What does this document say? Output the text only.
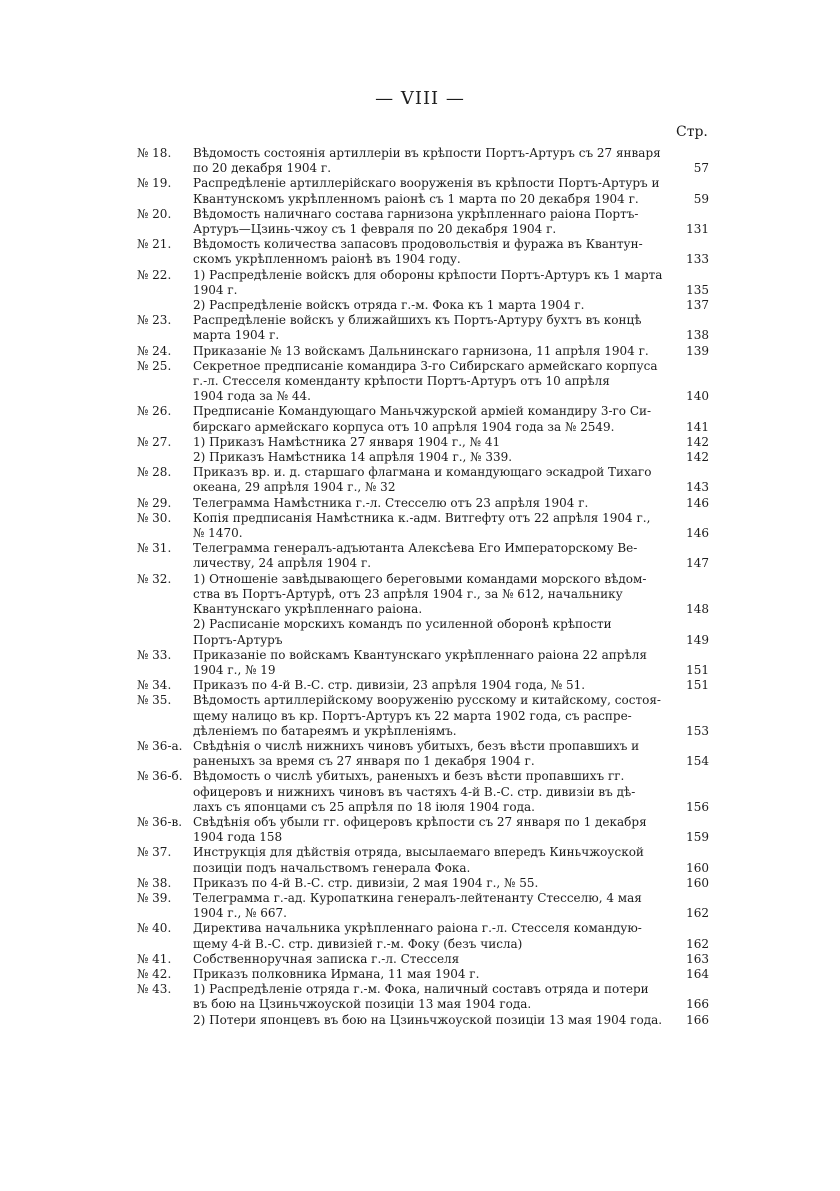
— VIII —
Стр.
№ 18.	Вѣдомость состоянія артиллеріи въ крѣпости Портъ-Артуръ съ 27 января
по 20 декабря 1904 г.	57
№ 19.	Распредѣленіе артиллерійскаго вооруженія въ крѣпости Портъ-Артуръ и
Квантунскомъ укрѣпленномъ раіонѣ съ 1 марта по 20 декабря 1904 г.	59
№ 20.	Вѣдомость наличнаго состава гарнизона укрѣпленнаго раіона Портъ-
Артуръ—Цзинь-чжоу съ 1 февраля по 20 декабря 1904 г.	131
№ 21.	Вѣдомость количества запасовъ продовольствія и фуража въ Квантун-
скомъ укрѣпленномъ раіонѣ въ 1904 году.	133
№ 22.	1) Распредѣленіе войскъ для обороны крѣпости Портъ-Артуръ къ 1 марта
1904 г.	135
2) Распредѣленіе войскъ отряда г.-м. Фока къ 1 марта 1904 г.	137
№ 23.	Распредѣленіе войскъ у ближайшихъ къ Портъ-Артуру бухтъ въ концѣ
марта 1904 г.	138
№ 24.	Приказаніе № 13 войскамъ Дальнинскаго гарнизона, 11 апрѣля 1904 г.	139
№ 25.	Секретное предписаніе командира 3-го Сибирскаго армейскаго корпуса
г.-л. Стесселя коменданту крѣпости Портъ-Артуръ отъ 10 апрѣля
1904 года за № 44.	140
№ 26.	Предписаніе Командующаго Маньчжурской арміей командиру 3-го Си-
бирскаго армейскаго корпуса отъ 10 апрѣля 1904 года за № 2549.	141
№ 27.	1) Приказъ Намѣстника 27 января 1904 г., № 41	142
2) Приказъ Намѣстника 14 апрѣля 1904 г., № 339.	142
№ 28.	Приказъ вр. и. д. старшаго флагмана и командующаго эскадрой Тихаго
океана, 29 апрѣля 1904 г., № 32	143
№ 29.	Телеграмма Намѣстника г.-л. Стесселю отъ 23 апрѣля 1904 г.	146
№ 30.	Копія предписанія Намѣстника к.-адм. Витгефту отъ 22 апрѣля 1904 г.,
№ 1470.	146
№ 31.	Телеграмма генералъ-адъютанта Алексѣева Его Императорскому Ве-
личеству, 24 апрѣля 1904 г.	147
№ 32.	1) Отношеніе завѣдывающего береговыми командами морского вѣдом-
ства въ Портъ-Артурѣ, отъ 23 апрѣля 1904 г., за № 612, начальнику
Квантунскаго укрѣпленнаго раіона.	148
2) Расписаніе морскихъ командъ по усиленной оборонѣ крѣпости
Портъ-Артуръ	149
№ 33.	Приказаніе по войскамъ Квантунскаго укрѣпленнаго раіона 22 апрѣля
1904 г., № 19	151
№ 34.	Приказъ по 4-й В.-С. стр. дивизіи, 23 апрѣля 1904 года, № 51.	151
№ 35.	Вѣдомость артиллерійскому вооруженію русскому и китайскому, состоя-
щему налицо въ кр. Портъ-Артуръ къ 22 марта 1902 года, съ распре-
дѣленіемъ по батареямъ и укрѣпленіямъ.	153
№ 36-а. Свѣдѣнія о числѣ нижнихъ чиновъ убитыхъ, безъ вѣсти пропавшихъ и
раненыхъ за время съ 27 января по 1 декабря 1904 г.	154
№ 36-б. Вѣдомость о числѣ убитыхъ, раненыхъ и безъ вѣсти пропавшихъ гг.
офицеровъ и нижнихъ чиновъ въ частяхъ 4-й В.-С. стр. дивизіи въ дѣ-
лахъ съ японцами съ 25 апрѣля по 18 іюля 1904 года.	156
№ 36-в. Свѣдѣнія объ убыли гг. офицеровъ крѣпости съ 27 января по 1 декабря
1904 года 158	159
№ 37.	Инструкція для дѣйствія отряда, высылаемаго впередъ Киньчжоуской
позиціи подъ начальствомъ генерала Фока.	160
№ 38.	Приказъ по 4-й В.-С. стр. дивизіи, 2 мая 1904 г., № 55.	160
№ 39.	Телеграмма г.-ад. Куропаткина генералъ-лейтенанту Стесселю, 4 мая
1904 г., № 667.	162
№ 40.	Директива начальника укрѣпленнаго раіона г.-л. Стесселя командую-
щему 4-й В.-С. стр. дивизіей г.-м. Фоку (безъ числа)	162
№ 41.	Собственноручная записка г.-л. Стесселя	163
№ 42.	Приказъ полковника Ирмана, 11 мая 1904 г.	164
№ 43.	1) Распредѣленіе отряда г.-м. Фока, наличный составъ отряда и потери
въ бою на Цзиньчжоуской позиціи 13 мая 1904 года.	166
2) Потери японцевъ въ бою на Цзиньчжоуской позиціи 13 мая 1904 года.	166
